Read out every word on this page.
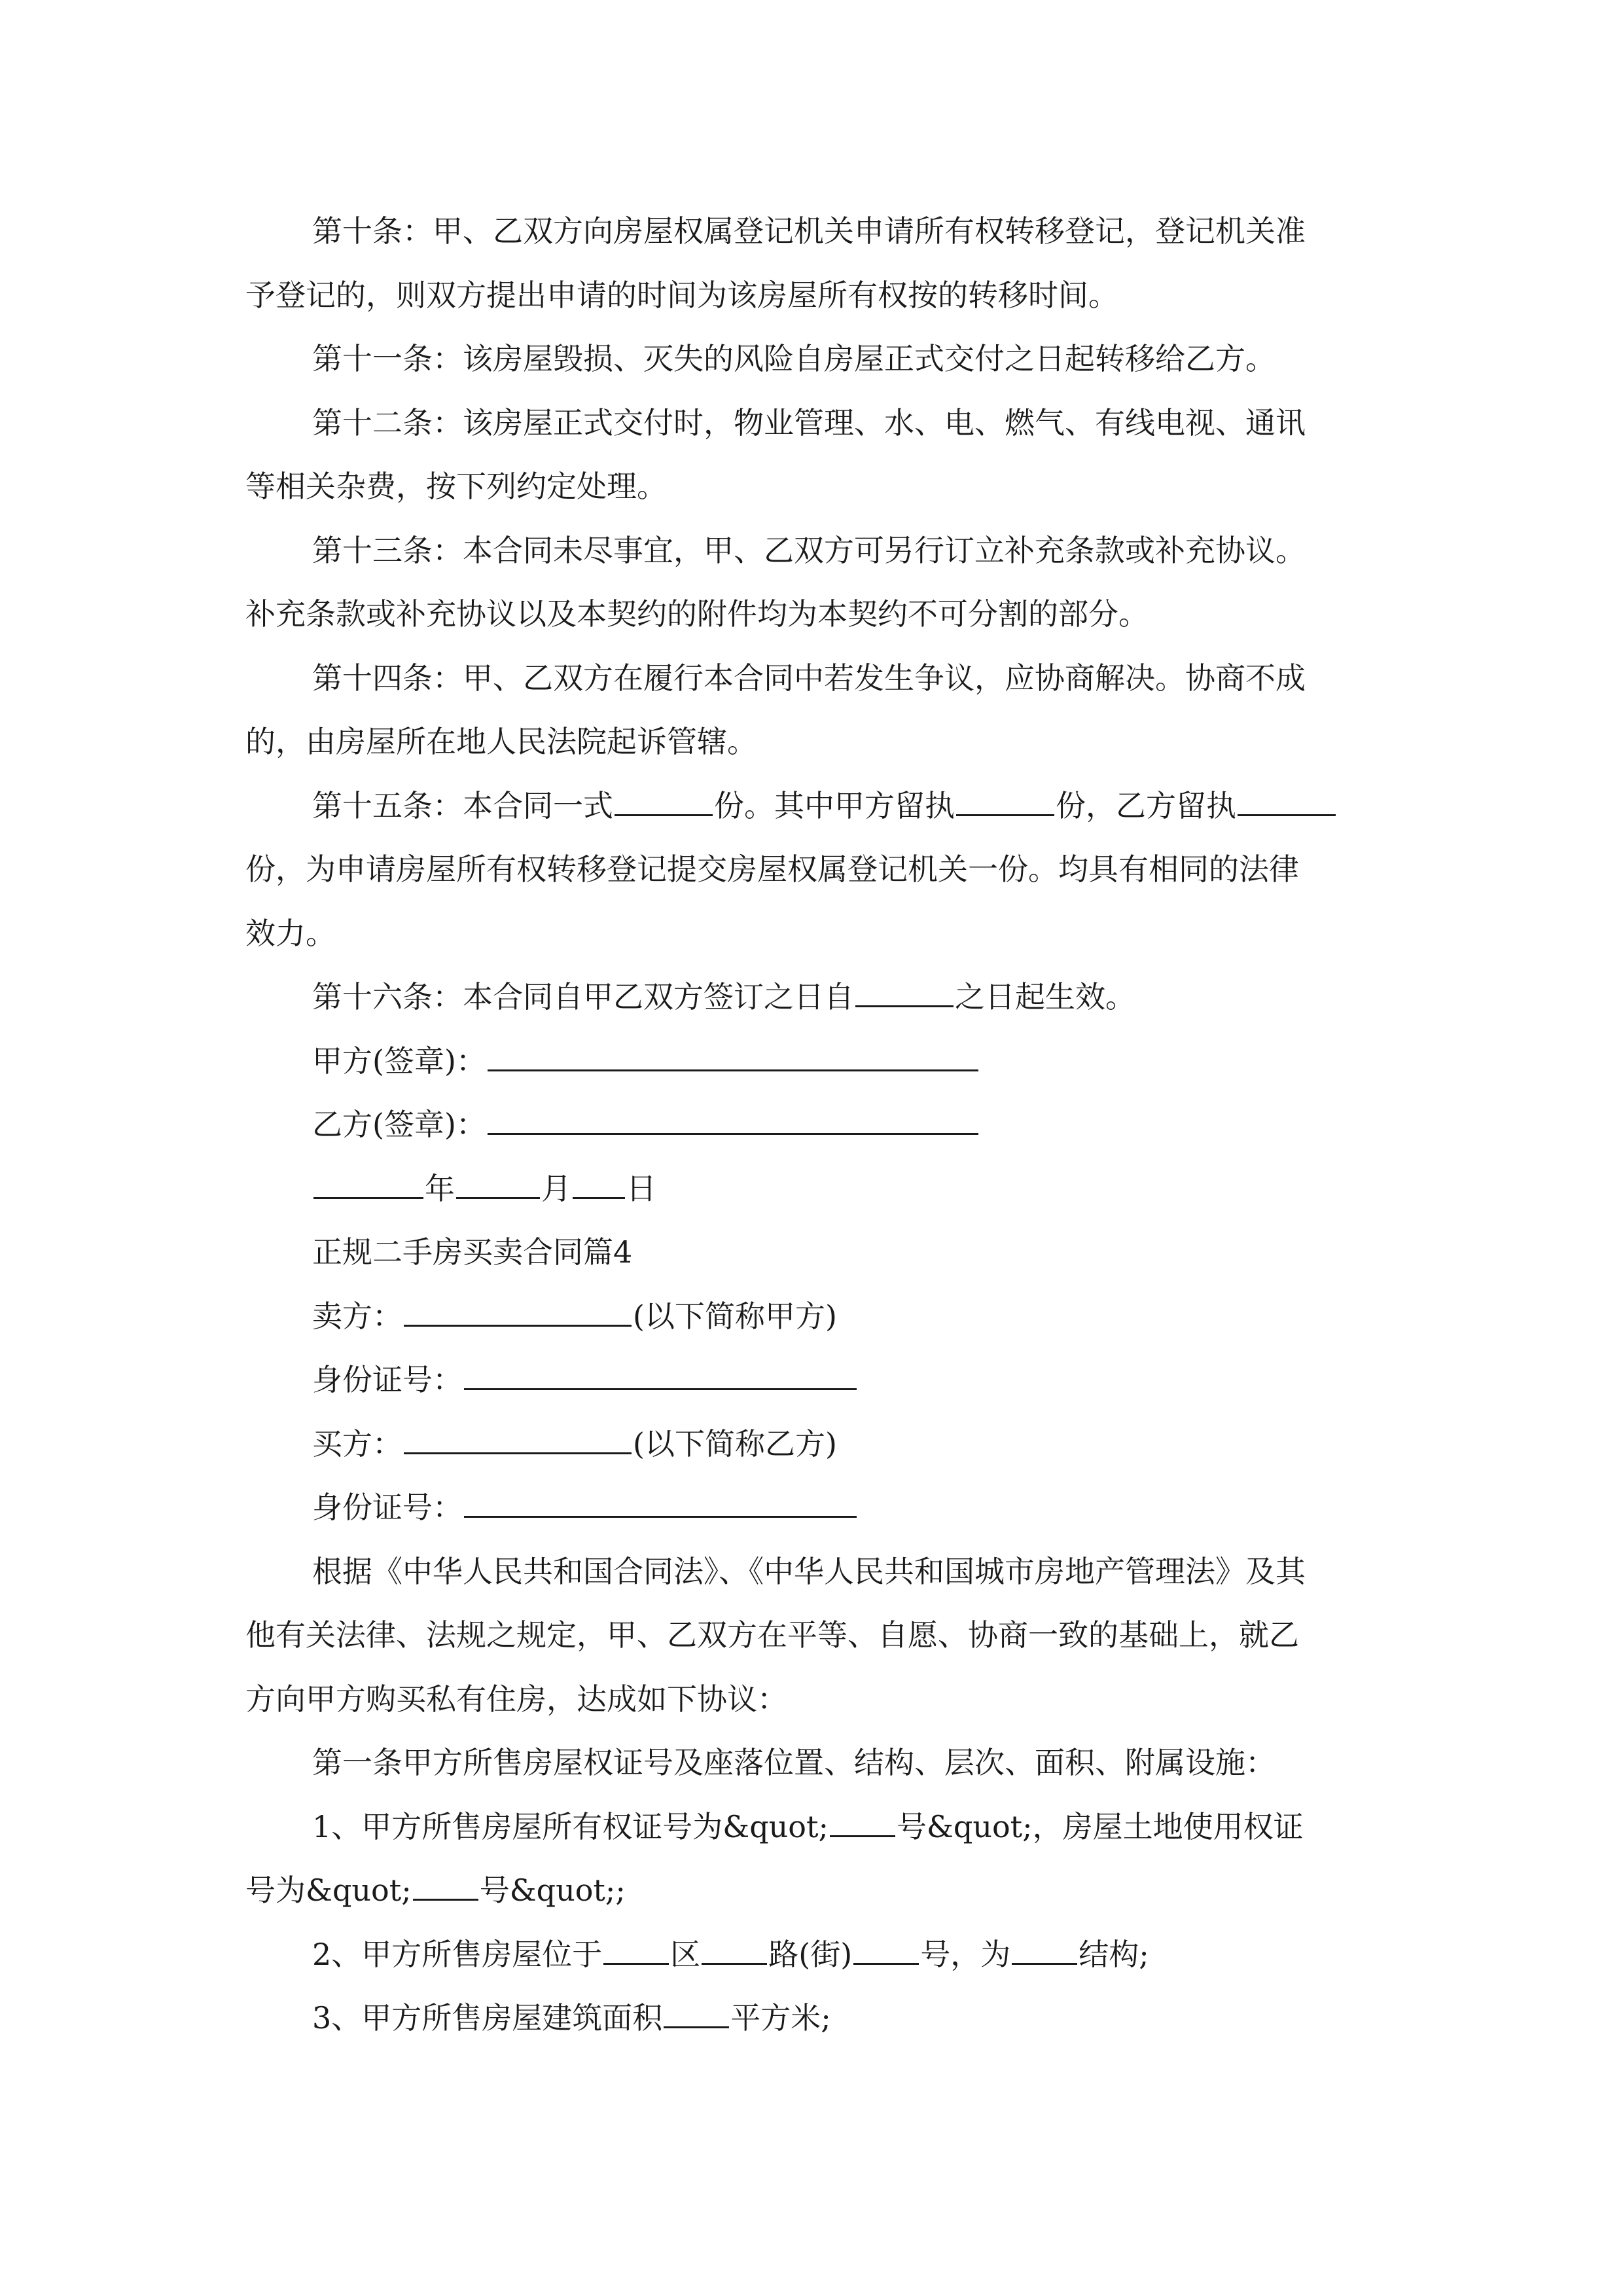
第十条：甲、乙双方向房屋权属登记机关申请所有权转移登记，登记机关准
予登记的，则双方提出申请的时间为该房屋所有权按的转移时间。
第十一条：该房屋毁损、灭失的风险自房屋正式交付之日起转移给乙方。
第十二条：该房屋正式交付时，物业管理、水、电、燃气、有线电视、通讯
等相关杂费，按下列约定处理。
第十三条：本合同未尽事宜，甲、乙双方可另行订立补充条款或补充协议。
补充条款或补充协议以及本契约的附件均为本契约不可分割的部分。
第十四条：甲、乙双方在履行本合同中若发生争议，应协商解决。协商不成
的，由房屋所在地人民法院起诉管辖。
第十五条：本合同一式	份。其中甲方留执	份，乙方留执
份，为申请房屋所有权转移登记提交房屋权属登记机关一份。均具有相同的法律
效力。
第十六条：本合同自甲乙双方签订之日自	之日起生效。
甲方(签章)：
乙方(签章)：
年	月 日
正规二手房买卖合同篇4
卖方：	(以下简称甲方)
身份证号：
买方：	(以下简称乙方)
身份证号：
根据《中华人民共和国合同法》、《中华人民共和国城市房地产管理法》及其
他有关法律、法规之规定，甲、乙双方在平等、自愿、协商一致的基础上，就乙
方向甲方购买私有住房，达成如下协议：
第一条甲方所售房屋权证号及座落位置、结构、层次、面积、附属设施：
1、甲方所售房屋所有权证号为&quot; 号&quot;，房屋土地使用权证
号为&quot; 号&quot;;
2、甲方所售房屋位于 区 路(街) 号，为 结构;
3、甲方所售房屋建筑面积 平方米;
